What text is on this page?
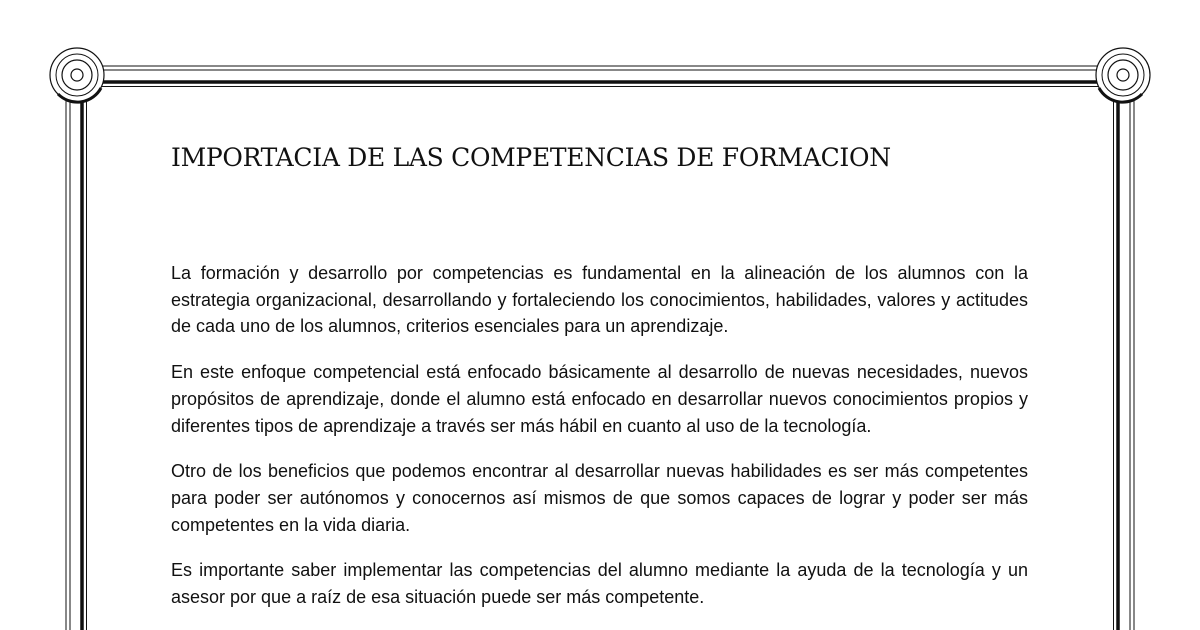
IMPORTACIA DE LAS COMPETENCIAS DE FORMACION

La formación y desarrollo por competencias es fundamental en la alineación de los alumnos con la estrategia organizacional, desarrollando y fortaleciendo los conocimientos, habilidades, valores y actitudes de cada uno de los alumnos, criterios esenciales para un aprendizaje.

En este enfoque competencial está enfocado básicamente al desarrollo de nuevas necesidades, nuevos propósitos de aprendizaje, donde el alumno está enfocado en desarrollar nuevos conocimientos propios y diferentes tipos de aprendizaje a través ser más hábil en cuanto al uso de la tecnología.

Otro de los beneficios que podemos encontrar al desarrollar nuevas habilidades es ser más competentes para poder ser autónomos y conocernos así mismos de que somos capaces de lograr y poder ser más competentes en la vida diaria.

Es importante saber implementar las competencias del alumno mediante la ayuda de la tecnología y un asesor por que a raíz de esa situación puede ser más competente.
